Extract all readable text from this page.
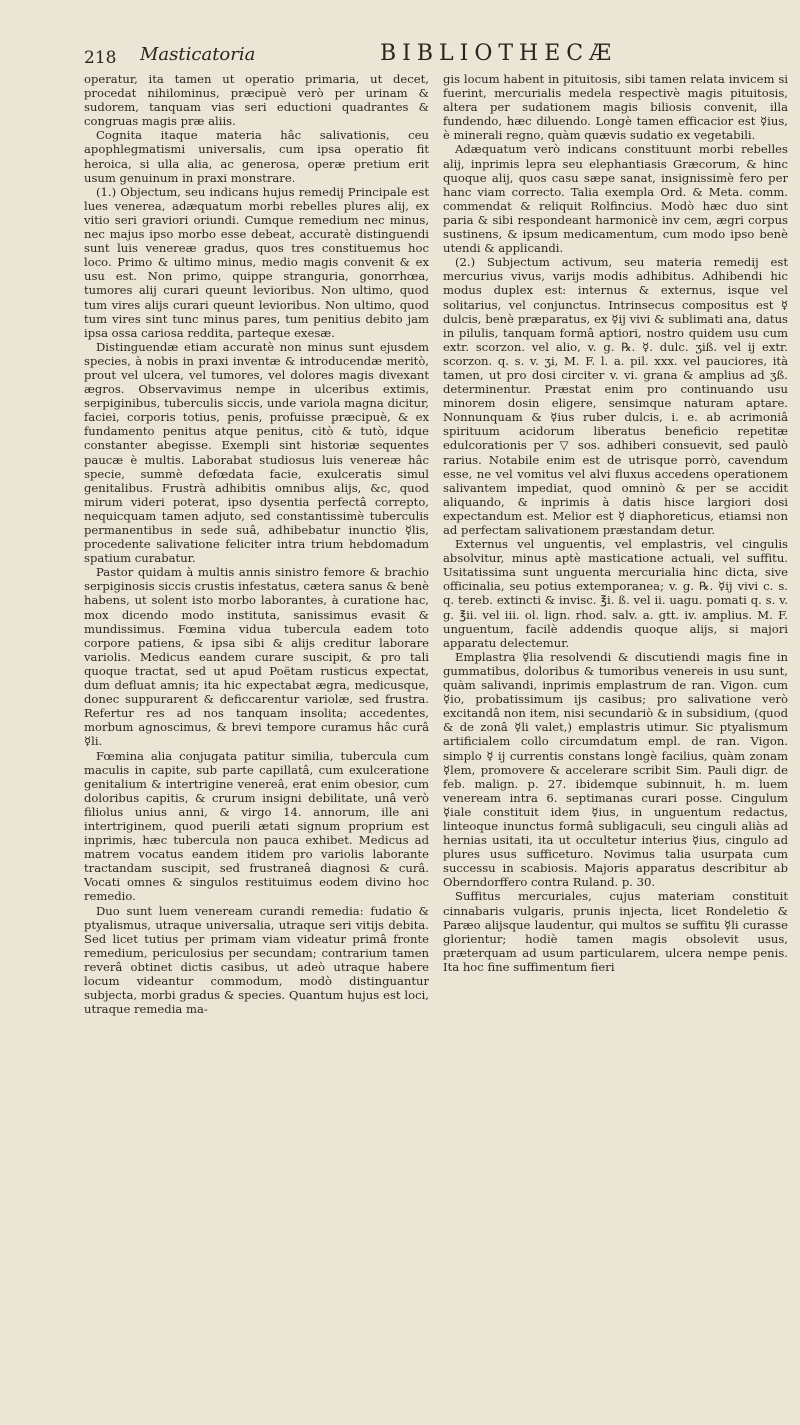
218 Masticatoria	BIBLIOTHECÆ

operatur, ita tamen ut operatio primaria, ut decet, procedat nihilominus, præcipuè verò per urinam & sudorem, tanquam vias seri eductioni quadrantes & congruas magis præ aliis.

Cognita itaque materia hâc salivationis, ceu apophlegmatismi universalis, cum ipsa operatio fit heroica, si ulla alia, ac generosa, operæ pretium erit usum genuinum in praxi monstrare.

(1.) Objectum, seu indicans hujus remedij Principale est lues venerea, adæquatum morbi rebelles plures alij, ex vitio seri graviori oriundi. Cumque remedium nec minus, nec majus ipso morbo esse debeat, accuratè distinguendi sunt luis venereæ gradus, quos tres constituemus hoc loco. Primo & ultimo minus, medio magis convenit & ex usu est. Non primo, quippe stranguria, gonorrhœa, tumores alij curari queunt levioribus. Non ultimo, quod tum vires alijs curari queunt levioribus. Non ultimo, quod tum vires sint tunc minus pares, tum penitius debito jam ipsa ossa cariosa reddita, parteque exesæ.

Distinguendæ etiam accuratè non minus sunt ejusdem species, à nobis in praxi inventæ & introducendæ meritò, prout vel ulcera, vel tumores, vel dolores magis divexant ægros. Observavimus nempe in ulceribus extimis, serpiginibus, tuberculis siccis, unde variola magna dicitur, faciei, corporis totius, penis, profuisse præcipuè, & ex fundamento penitus atque penitus, citò & tutò, idque constanter abegisse. Exempli sint historiæ sequentes paucæ è multis. Laborabat studiosus luis venereæ hâc specie, summè defœdata facie, exulceratis simul genitalibus. Frustrà adhibitis omnibus alijs, &c, quod mirum videri poterat, ipso dysentia perfectâ correpto, nequicquam tamen adjuto, sed constantissimè tuberculis permanentibus in sede suâ, adhibebatur inunctio ☿lis, procedente salivatione feliciter intra trium hebdomadum spatium curabatur.

Pastor quidam à multis annis sinistro femore & brachio serpiginosis siccis crustis infestatus, cætera sanus & benè habens, ut solent isto morbo laborantes, à curatione hac, mox dicendo modo instituta, sanissimus evasit & mundissimus. Fœmina vidua tubercula eadem toto corpore patiens, & ipsa sibi & alijs creditur laborare variolis. Medicus eandem curare suscipit, & pro tali quoque tractat, sed ut apud Poëtam rusticus expectat, dum defluat amnis; ita hic expectabat ægra, medicusque, donec suppurarent & deficcarentur variolæ, sed frustra. Refertur res ad nos tanquam insolita; accedentes, morbum agnoscimus, & brevi tempore curamus hâc curâ ☿li.

Fœmina alia conjugata patitur similia, tubercula cum maculis in capite, sub parte capillatâ, cum exulceratione genitalium & intertrigine venereâ, erat enim obesior, cum doloribus capitis, & crurum insigni debilitate, unâ verò filiolus unius anni, & virgo 14. annorum, ille ani intertriginem, quod puerili ætati signum proprium est inprimis, hæc tubercula non pauca exhibet. Medicus ad matrem vocatus eandem itidem pro variolis laborante tractandam suscipit, sed frustraneâ diagnosi & curâ. Vocati omnes & singulos restituimus eodem divino hoc remedio.

Duo sunt luem veneream curandi remedia: fudatio & ptyalismus, utraque universalia, utraque seri vitijs debita. Sed licet tutius per primam viam videatur primâ fronte remedium, periculosius per secundam; contrarium tamen reverâ obtinet dictis casibus, ut adeò utraque habere locum videantur commodum, modò distinguantur subjecta, morbi gradus & species. Quantum hujus est loci, utraque remedia ma-

gis locum habent in pituitosis, sibi tamen relata invicem si fuerint, mercurialis medela respectivè magis pituitosis, altera per sudationem magis biliosis convenit, illa fundendo, hæc diluendo. Longè tamen efficacior est ☿ius, è minerali regno, quàm quævis sudatio ex vegetabili.

Adæquatum verò indicans constituunt morbi rebelles alij, inprimis lepra seu elephantiasis Græcorum, & hinc quoque alij, quos casu sæpe sanat, insignissimè fero per hanc viam correcto. Talia exempla Ord. & Meta. comm. commendat & reliquit Rolfincius. Modò hæc duo sint paria & sibi respondeant harmonicè inv cem, ægri corpus sustinens, & ipsum medicamentum, cum modo ipso benè utendi & applicandi.

(2.) Subjectum activum, seu materia remedij est mercurius vivus, varijs modis adhibitus. Adhibendi hic modus duplex est: internus & externus, isque vel solitarius, vel conjunctus. Intrinsecus compositus est ☿ dulcis, benè præparatus, ex ☿ij vivi & sublimati ana, datus in pilulis, tanquam formâ aptiori, nostro quidem usu cum extr. scorzon. vel alio, v. g. ℞. ☿. dulc. ʒiß. vel ij extr. scorzon. q. s. v. ʒi, M. F. l. a. pil. xxx. vel pauciores, ità tamen, ut pro dosi circiter v. vi. grana & amplius ad ʒß. determinentur. Præstat enim pro continuando usu minorem dosin eligere, sensimque naturam aptare. Nonnunquam & ☿ius ruber dulcis, i. e. ab acrimoniâ spirituum acidorum liberatus beneficio repetitæ edulcorationis per ▽ sos. adhiberi consuevit, sed paulò rarius. Notabile enim est de utrisque porrò, cavendum esse, ne vel vomitus vel alvi fluxus accedens operationem salivantem impediat, quod omninò & per se accidit aliquando, & inprimis à datis hisce largiori dosi expectandum est. Melior est ☿ diaphoreticus, etiamsi non ad perfectam salivationem præstandam detur.

Externus vel unguentis, vel emplastris, vel cingulis absolvitur, minus aptè masticatione actuali, vel suffitu. Usitatissima sunt unguenta mercurialia hinc dicta, sive officinalia, seu potius extemporanea; v. g. ℞. ☿ij vivi c. s. q. tereb. extincti & invisc. ℥i. ß. vel ii. uagu. pomati q. s. v. g. ℥ii. vel iii. ol. lign. rhod. salv. a. gtt. iv. amplius. M. F. unguentum, facilè addendis quoque alijs, si majori apparatu delectemur.

Emplastra ☿lia resolvendi & discutiendi magis fine in gummatibus, doloribus & tumoribus venereis in usu sunt, quàm salivandi, inprimis emplastrum de ran. Vigon. cum ☿io, probatissimum ijs casibus; pro salivatione verò excitandâ non item, nisi secundariò & in subsidium, (quod & de zonâ ☿li valet,) emplastris utimur. Sic ptyalismum artificialem collo circumdatum empl. de ran. Vigon. simplo ☿ ij currentis constans longè facilius, quàm zonam ☿lem, promovere & accelerare scribit Sim. Pauli digr. de feb. malign. p. 27. ibidemque subinnuit, h. m. luem veneream intra 6. septimanas curari posse. Cingulum ☿iale constituit idem ☿ius, in unguentum redactus, linteoque inunctus formâ subligaculi, seu cinguli aliàs ad hernias usitati, ita ut occultetur interius ☿ius, cingulo ad plures usus sufficeturo. Novimus talia usurpata cum successu in scabiosis. Majoris apparatus describitur ab Oberndorffero contra Ruland. p. 30.

Suffitus mercuriales, cujus materiam constituit cinnabaris vulgaris, prunis injecta, licet Rondeletio & Paræo alijsque laudentur, qui multos se suffitu ☿li curasse glorientur; hodiè tamen magis obsolevit usus, præterquam ad usum particularem, ulcera nempe penis. Ita hoc fine suffimentum fieri
